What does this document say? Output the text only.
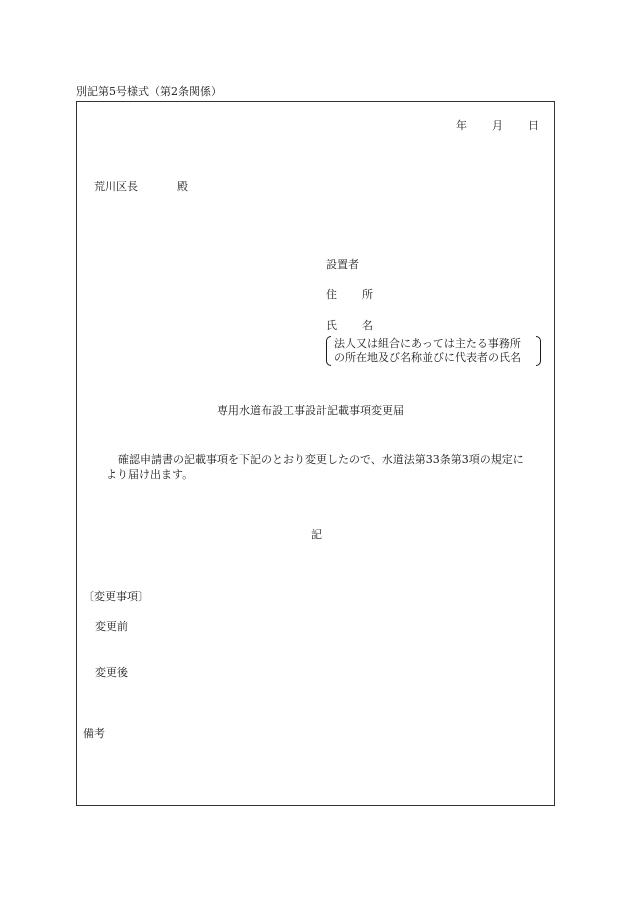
別記第5号様式（第2条関係）
年 月 日
荒川区長	殿
設置者
住 所
氏 名
法人又は組合にあっては主たる事務所
の所在地及び名称並びに代表者の氏名
専用水道布設工事設計記載事項変更届
確認申請書の記載事項を下記のとおり変更したので、水道法第33条第3項の規定に
より届け出ます。
記
〔変更事項〕
変更前
変更後
備考
